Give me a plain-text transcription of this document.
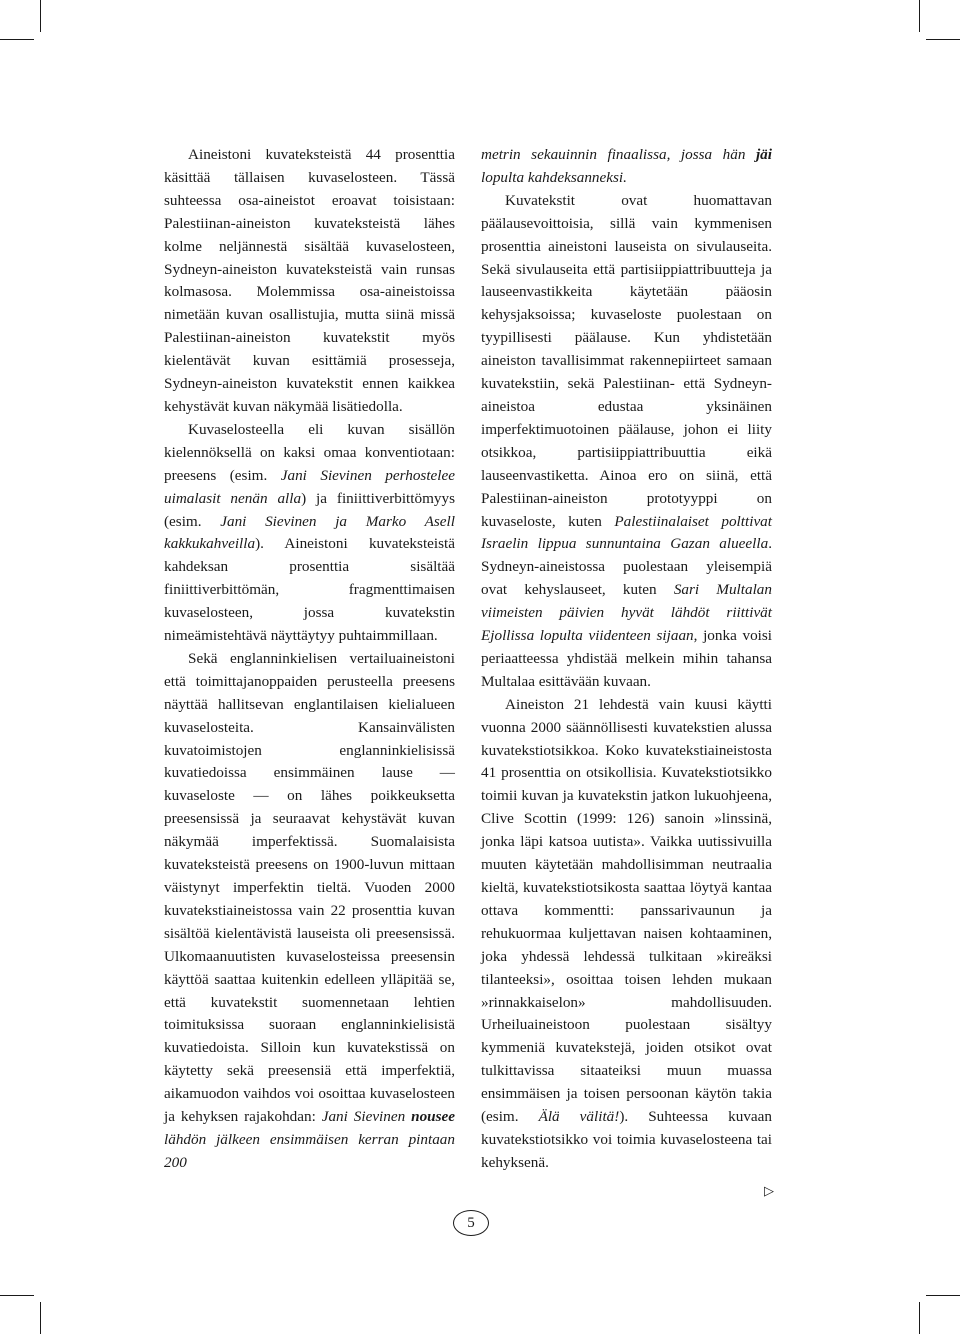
Aineistoni kuvateksteistä 44 prosenttia käsittää tällaisen kuvaselosteen. Tässä suhteessa osa-aineistot eroavat toisistaan: Palestiinan-aineiston kuvateksteistä lähes kolme neljännestä sisältää kuvaselosteen, Sydneyn-aineiston kuvateksteistä vain runsas kolmasosa. Molemmissa osa-aineistoissa nimetään kuvan osallistujia, mutta siinä missä Palestiinan-aineiston kuvatekstit myös kielentävät kuvan esittämiä prosesseja, Sydneyn-aineiston kuvatekstit ennen kaikkea kehystävät kuvan näkymää lisätiedolla.

Kuvaselosteella eli kuvan sisällön kielennöksellä on kaksi omaa konventiotaan: preesens (esim. Jani Sievinen perhostelee uimalasit nenän alla) ja finiittiverbittömyys (esim. Jani Sievinen ja Marko Asell kakkukahveilla). Aineistoni kuvateksteistä kahdeksan prosenttia sisältää finiittiverbittömän, fragmenttimaisen kuvaselosteen, jossa kuvatekstin nimeämistehtävä näyttäytyy puhtaimmillaan.

Sekä englanninkielisen vertailuaineistoni että toimittajanoppaiden perusteella preesens näyttää hallitsevan englantilaisen kielialueen kuvaselosteita. Kansainvälisten kuvatoimistojen englanninkielisissä kuvatiedoissa ensimmäinen lause — kuvaseloste — on lähes poikkeuksetta preesensissä ja seuraavat kehystävät kuvan näkymää imperfektissä. Suomalaisista kuvateksteistä preesens on 1900-luvun mittaan väistynyt imperfektin tieltä. Vuoden 2000 kuvatekstiaineistossa vain 22 prosenttia kuvan sisältöä kielentävistä lauseista oli preesensissä. Ulkomaanuutisten kuvaselosteissa preesensin käyttöä saattaa kuitenkin edelleen ylläpitää se, että kuvatekstit suomennetaan lehtien toimituksissa suoraan englanninkielisistä kuvatiedoista. Silloin kun kuvatekstissä on käytetty sekä preesensiä että imperfektiä, aikamuodon vaihdos voi osoittaa kuvaselosteen ja kehyksen rajakohdan: Jani Sievinen nousee lähdön jälkeen ensimmäisen kerran pintaan 200

metrin sekauinnin finaalissa, jossa hän jäi lopulta kahdeksanneksi.

Kuvatekstit ovat huomattavan päälausevoittoisia, sillä vain kymmenisen prosenttia aineistoni lauseista on sivulauseita. Sekä sivulauseita että partisiippiattribuutteja ja lauseenvastikkeita käytetään pääosin kehysjaksoissa; kuvaseloste puolestaan on tyypillisesti päälause. Kun yhdistetään aineiston tavallisimmat rakennepiirteet samaan kuvatekstiin, sekä Palestiinan- että Sydneyn-aineistoa edustaa yksinäinen imperfektimuotoinen päälause, johon ei liity otsikkoa, partisiippiattribuuttia eikä lauseenvastiketta. Ainoa ero on siinä, että Palestiinan-aineiston prototyyppi on kuvaseloste, kuten Palestiinalaiset polttivat Israelin lippua sunnuntaina Gazan alueella. Sydneyn-aineistossa puolestaan yleisempiä ovat kehyslauseet, kuten Sari Multalan viimeisten päivien hyvät lähdöt riittivät Ejollissa lopulta viidenteen sijaan, jonka voisi periaatteessa yhdistää melkein mihin tahansa Multalaa esittävään kuvaan.

Aineiston 21 lehdestä vain kuusi käytti vuonna 2000 säännöllisesti kuvatekstien alussa kuvatekstiotsikkoa. Koko kuvatekstiaineistosta 41 prosenttia on otsikollisia. Kuvatekstiotsikko toimii kuvan ja kuvatekstin jatkon lukuohjeena, Clive Scottin (1999: 126) sanoin »linssinä, jonka läpi katsoa uutista». Vaikka uutissivuilla muuten käytetään mahdollisimman neutraalia kieltä, kuvatekstiotsikosta saattaa löytyä kantaa ottava kommentti: panssarivaunun ja rehukuormaa kuljettavan naisen kohtaaminen, joka yhdessä lehdessä tulkitaan »kireäksi tilanteeksi», osoittaa toisen lehden mukaan »rinnakkaiselon» mahdollisuuden. Urheiluaineistoon puolestaan sisältyy kymmeniä kuvatekstejä, joiden otsikot ovat tulkittavissa sitaateiksi muun muassa ensimmäisen ja toisen persoonan käytön takia (esim. Älä välitä!). Suhteessa kuvaan kuvatekstiotsikko voi toimia kuvaselosteena tai kehyksenä.

▷
5
